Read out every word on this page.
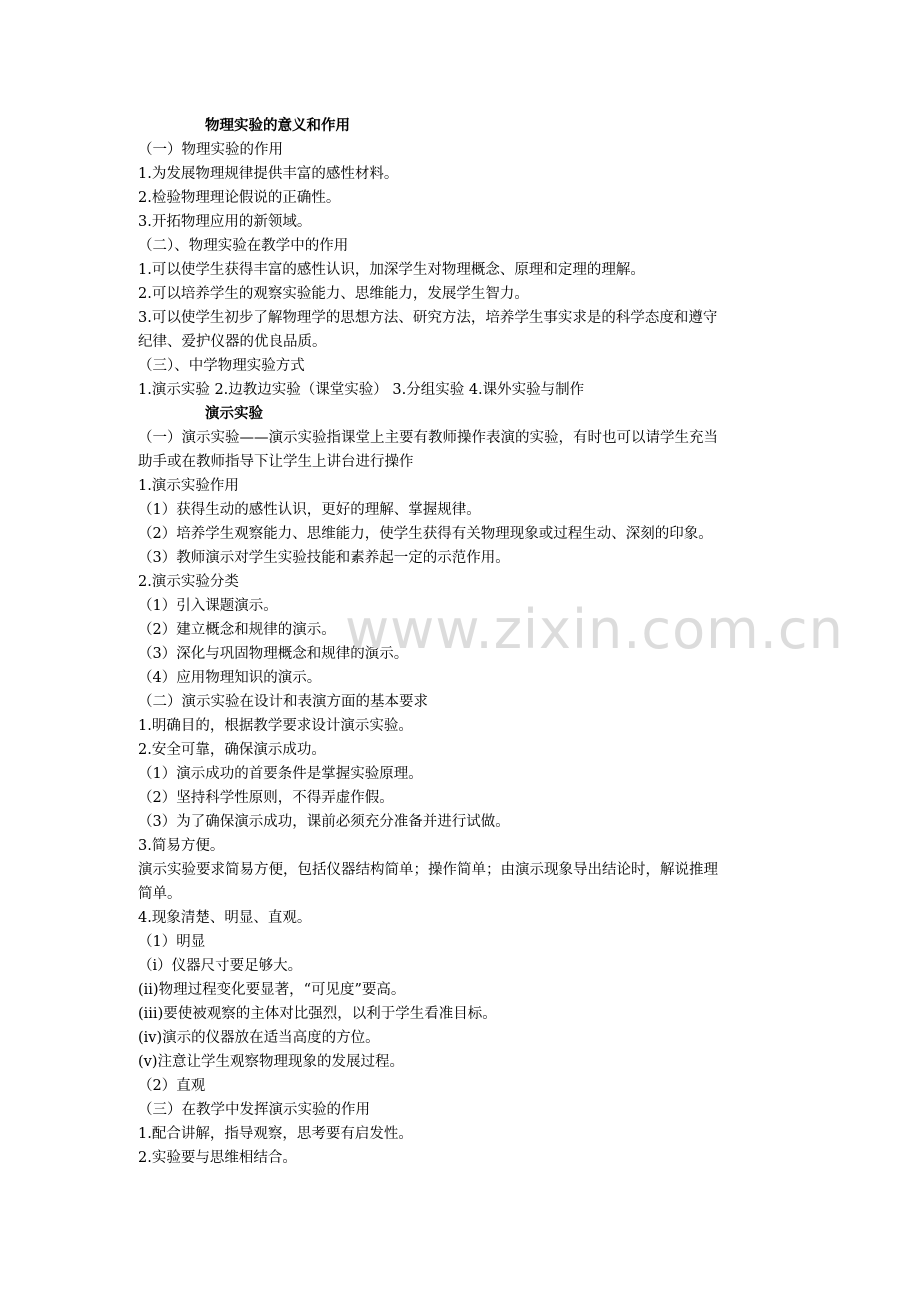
物理实验的意义和作用
（一）物理实验的作用
1.为发展物理规律提供丰富的感性材料。
2.检验物理理论假说的正确性。
3.开拓物理应用的新领域。
（二）、物理实验在教学中的作用
1.可以使学生获得丰富的感性认识，加深学生对物理概念、原理和定理的理解。
2.可以培养学生的观察实验能力、思维能力，发展学生智力。
3.可以使学生初步了解物理学的思想方法、研究方法，培养学生事实求是的科学态度和遵守
纪律、爱护仪器的优良品质。
（三）、中学物理实验方式
1.演示实验 2.边教边实验（课堂实验） 3.分组实验 4.课外实验与制作
演示实验
（一）演示实验——演示实验指课堂上主要有教师操作表演的实验，有时也可以请学生充当
助手或在教师指导下让学生上讲台进行操作
1.演示实验作用
（1）获得生动的感性认识，更好的理解、掌握规律。
（2）培养学生观察能力、思维能力，使学生获得有关物理现象或过程生动、深刻的印象。
（3）教师演示对学生实验技能和素养起一定的示范作用。
2.演示实验分类
（1）引入课题演示。
（2）建立概念和规律的演示。
（3）深化与巩固物理概念和规律的演示。
（4）应用物理知识的演示。
（二）演示实验在设计和表演方面的基本要求
1.明确目的，根据教学要求设计演示实验。
2.安全可靠，确保演示成功。
（1）演示成功的首要条件是掌握实验原理。
（2）坚持科学性原则，不得弄虚作假。
（3）为了确保演示成功，课前必须充分准备并进行试做。
3.简易方便。
演示实验要求简易方便，包括仪器结构简单；操作简单；由演示现象导出结论时，解说推理
简单。
4.现象清楚、明显、直观。
（1）明显
（i）仪器尺寸要足够大。
(ii)物理过程变化要显著，“可见度”要高。
(iii)要使被观察的主体对比强烈，以利于学生看准目标。
(iv)演示的仪器放在适当高度的方位。
(v)注意让学生观察物理现象的发展过程。
（2）直观
（三）在教学中发挥演示实验的作用
1.配合讲解，指导观察，思考要有启发性。
2.实验要与思维相结合。
www.zixin.com.cn
